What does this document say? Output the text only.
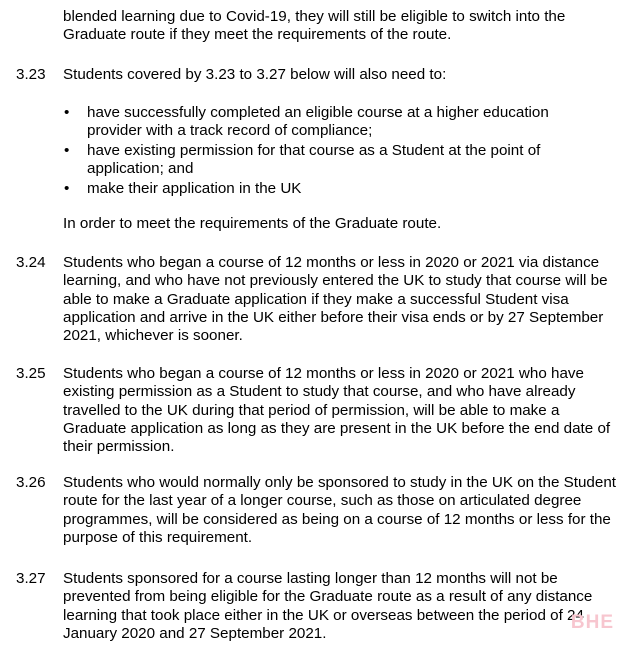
blended learning due to Covid-19, they will still be eligible to switch into the Graduate route if they meet the requirements of the route.
3.23 Students covered by 3.23 to 3.27 below will also need to:
• have successfully completed an eligible course at a higher education provider with a track record of compliance;
• have existing permission for that course as a Student at the point of application; and
• make their application in the UK
In order to meet the requirements of the Graduate route.
3.24 Students who began a course of 12 months or less in 2020 or 2021 via distance learning, and who have not previously entered the UK to study that course will be able to make a Graduate application if they make a successful Student visa application and arrive in the UK either before their visa ends or by 27 September 2021, whichever is sooner.
3.25 Students who began a course of 12 months or less in 2020 or 2021 who have existing permission as a Student to study that course, and who have already travelled to the UK during that period of permission, will be able to make a Graduate application as long as they are present in the UK before the end date of their permission.
3.26 Students who would normally only be sponsored to study in the UK on the Student route for the last year of a longer course, such as those on articulated degree programmes, will be considered as being on a course of 12 months or less for the purpose of this requirement.
3.27 Students sponsored for a course lasting longer than 12 months will not be prevented from being eligible for the Graduate route as a result of any distance learning that took place either in the UK or overseas between the period of 24 January 2020 and 27 September 2021.
BHE
